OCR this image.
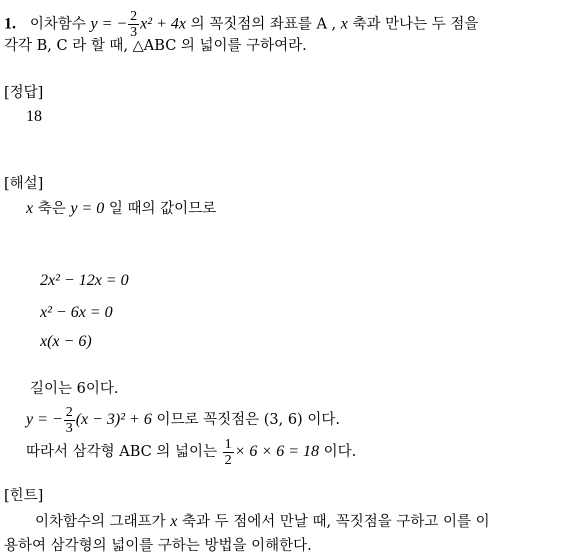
1. 이차함수 y = − $\frac{2}{3} x^2 + 4x$ 의 꼭짓점의 좌표를 A , x 축과 만나는 두 점을
각각 B, C 라 할 때, △ABC 의 넓이를 구하여라.
[정답]
18
[해설]
x 축은 y = 0 일 때의 값이므로
2x² − 12x = 0
x² − 6x = 0
x(x − 6)
길이는 6이다.
y = − $\frac{2}{3} (x - 3)^2 + 6$ 이므로 꼭짓점은 (3, 6) 이다.
따라서 삼각형 ABC 의 넓이는 $\frac{1}{2} \times 6 \times 6 = 18$ 이다.
[힌트]
이차함수의 그래프가 x 축과 두 점에서 만날 때, 꼭짓점을 구하고 이를 이
용하여 삼각형의 넓이를 구하는 방법을 이해한다.
